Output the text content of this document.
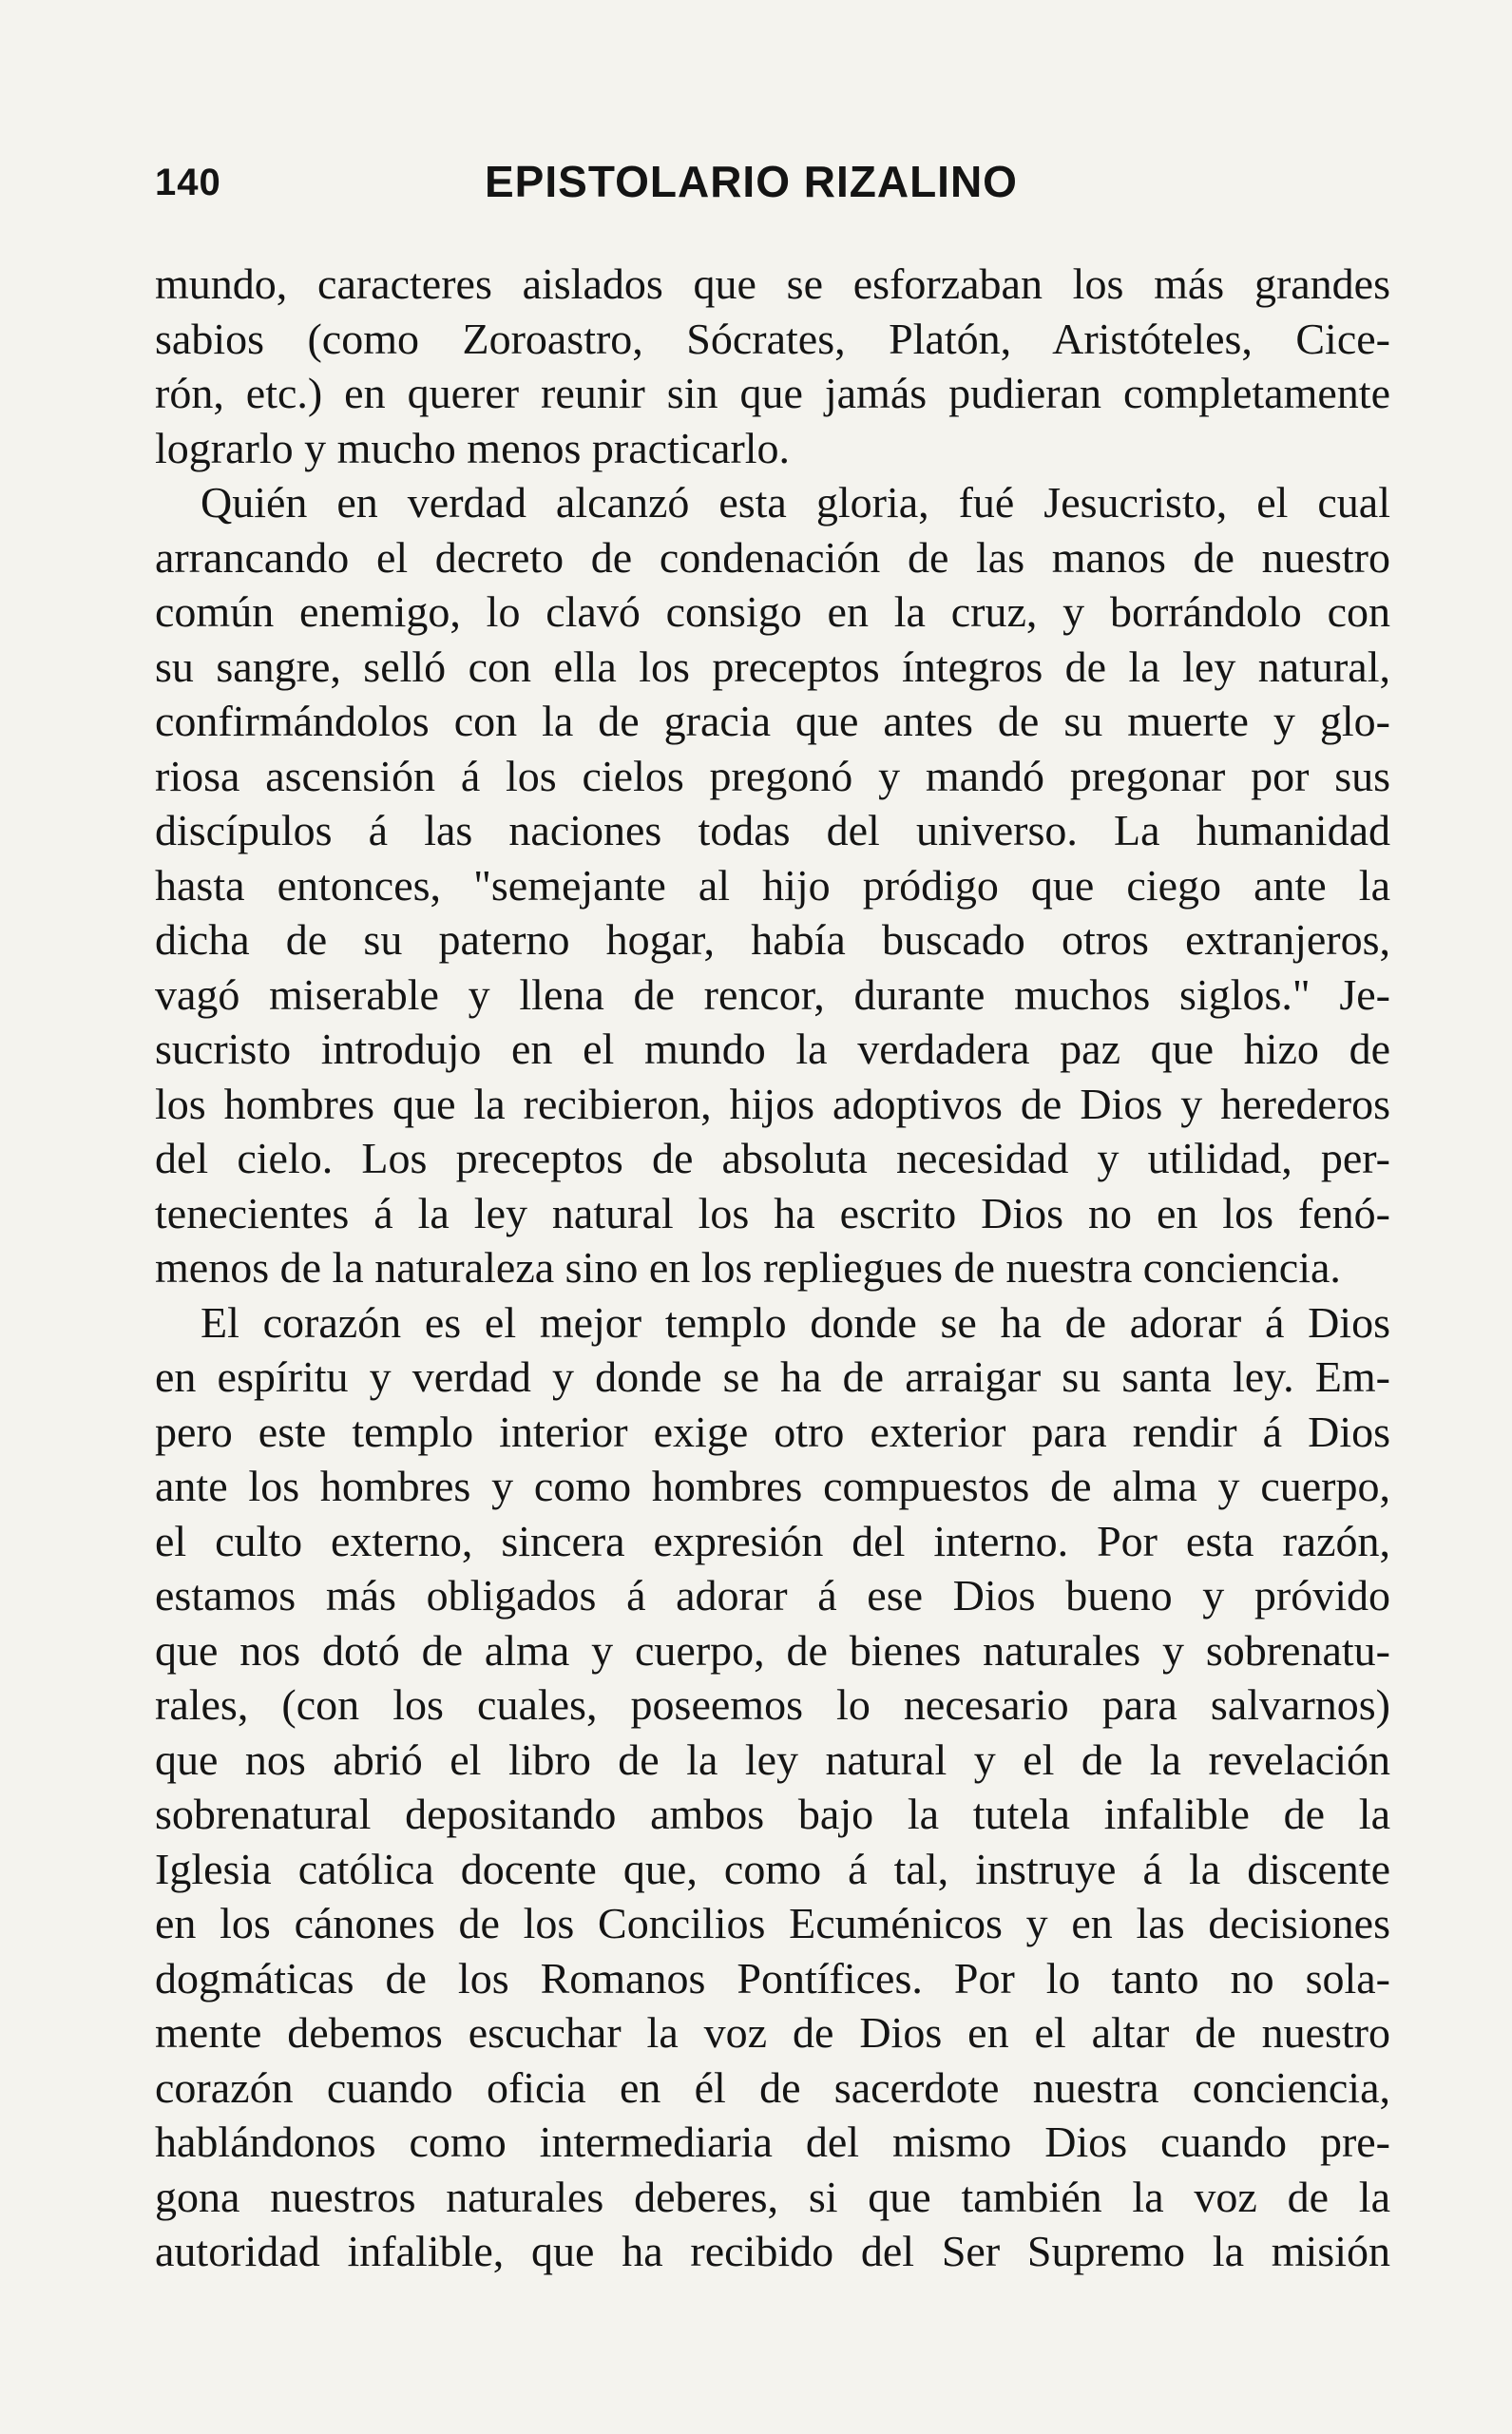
140	EPISTOLARIO RIZALINO
mundo, caracteres aislados que se esforzaban los más grandes
sabios (como Zoroastro, Sócrates, Platón, Aristóteles, Cice-
rón, etc.) en querer reunir sin que jamás pudieran completamente
lograrlo y mucho menos practicarlo.
Quién en verdad alcanzó esta gloria, fué Jesucristo, el cual
arrancando el decreto de condenación de las manos de nuestro
común enemigo, lo clavó consigo en la cruz, y borrándolo con
su sangre, selló con ella los preceptos íntegros de la ley natural,
confirmándolos con la de gracia que antes de su muerte y glo-
riosa ascensión á los cielos pregonó y mandó pregonar por sus
discípulos á las naciones todas del universo. La humanidad
hasta entonces, "semejante al hijo pródigo que ciego ante la
dicha de su paterno hogar, había buscado otros extranjeros,
vagó miserable y llena de rencor, durante muchos siglos." Je-
sucristo introdujo en el mundo la verdadera paz que hizo de
los hombres que la recibieron, hijos adoptivos de Dios y herederos
del cielo. Los preceptos de absoluta necesidad y utilidad, per-
tenecientes á la ley natural los ha escrito Dios no en los fenó-
menos de la naturaleza sino en los repliegues de nuestra conciencia.
El corazón es el mejor templo donde se ha de adorar á Dios
en espíritu y verdad y donde se ha de arraigar su santa ley. Em-
pero este templo interior exige otro exterior para rendir á Dios
ante los hombres y como hombres compuestos de alma y cuerpo,
el culto externo, sincera expresión del interno. Por esta razón,
estamos más obligados á adorar á ese Dios bueno y próvido
que nos dotó de alma y cuerpo, de bienes naturales y sobrenatu-
rales, (con los cuales, poseemos lo necesario para salvarnos)
que nos abrió el libro de la ley natural y el de la revelación
sobrenatural depositando ambos bajo la tutela infalible de la
Iglesia católica docente que, como á tal, instruye á la discente
en los cánones de los Concilios Ecuménicos y en las decisiones
dogmáticas de los Romanos Pontífices. Por lo tanto no sola-
mente debemos escuchar la voz de Dios en el altar de nuestro
corazón cuando oficia en él de sacerdote nuestra conciencia,
hablándonos como intermediaria del mismo Dios cuando pre-
gona nuestros naturales deberes, si que también la voz de la
autoridad infalible, que ha recibido del Ser Supremo la misión
